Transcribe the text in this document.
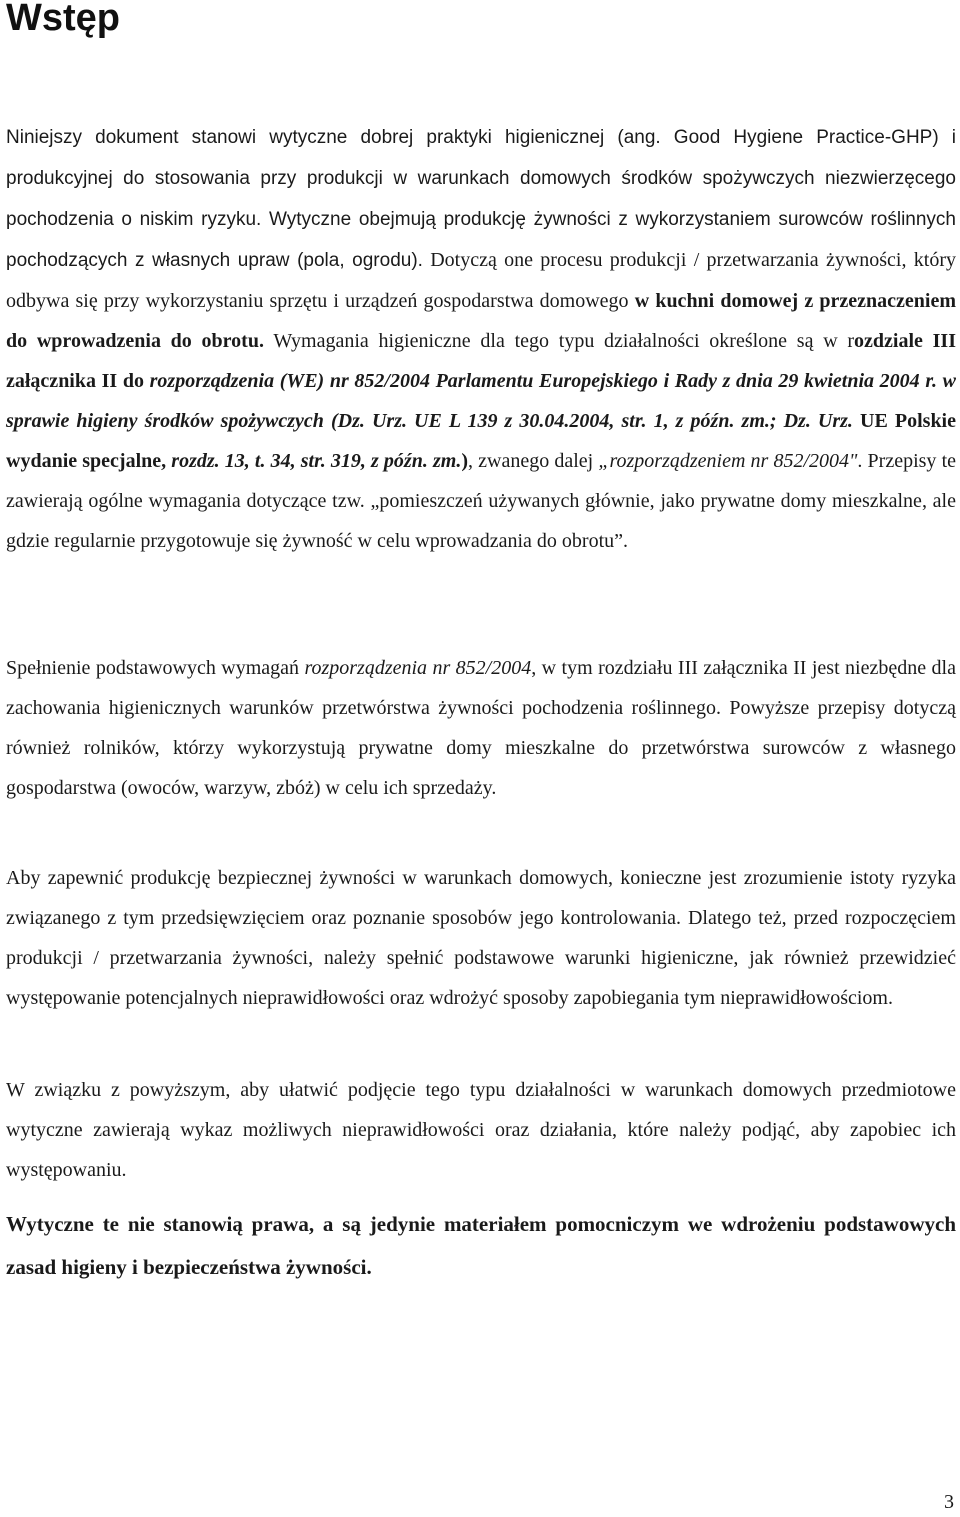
Wstęp

Niniejszy dokument stanowi wytyczne dobrej praktyki higienicznej (ang. Good Hygiene Practice-GHP) i produkcyjnej do stosowania przy produkcji w warunkach domowych środków spożywczych niezwierzęcego pochodzenia o niskim ryzyku. Wytyczne obejmują produkcję żywności z wykorzystaniem surowców roślinnych pochodzących z własnych upraw (pola, ogrodu). Dotyczą one procesu produkcji / przetwarzania żywności, który odbywa się przy wykorzystaniu sprzętu i urządzeń gospodarstwa domowego w kuchni domowej z przeznaczeniem do wprowadzenia do obrotu. Wymagania higieniczne dla tego typu działalności określone są w rozdziale III załącznika II do rozporządzenia (WE) nr 852/2004 Parlamentu Europejskiego i Rady z dnia 29 kwietnia 2004 r. w sprawie higieny środków spożywczych (Dz. Urz. UE L 139 z 30.04.2004, str. 1, z późn. zm.; Dz. Urz. UE Polskie wydanie specjalne, rozdz. 13, t. 34, str. 319, z późn. zm.), zwanego dalej „rozporządzeniem nr 852/2004". Przepisy te zawierają ogólne wymagania dotyczące tzw. „pomieszczeń używanych głównie, jako prywatne domy mieszkalne, ale gdzie regularnie przygotowuje się żywność w celu wprowadzania do obrotu”.

Spełnienie podstawowych wymagań rozporządzenia nr 852/2004, w tym rozdziału III załącznika II jest niezbędne dla zachowania higienicznych warunków przetwórstwa żywności pochodzenia roślinnego. Powyższe przepisy dotyczą również rolników, którzy wykorzystują prywatne domy mieszkalne do przetwórstwa surowców z własnego gospodarstwa (owoców, warzyw, zbóż) w celu ich sprzedaży.

Aby zapewnić produkcję bezpiecznej żywności w warunkach domowych, konieczne jest zrozumienie istoty ryzyka związanego z tym przedsięwzięciem oraz poznanie sposobów jego kontrolowania. Dlatego też, przed rozpoczęciem produkcji / przetwarzania żywności, należy spełnić podstawowe warunki higieniczne, jak również przewidzieć występowanie potencjalnych nieprawidłowości oraz wdrożyć sposoby zapobiegania tym nieprawidłowościom.

W związku z powyższym, aby ułatwić podjęcie tego typu działalności w warunkach domowych przedmiotowe wytyczne zawierają wykaz możliwych nieprawidłowości oraz działania, które należy podjąć, aby zapobiec ich występowaniu.

Wytyczne te nie stanowią prawa, a są jedynie materiałem pomocniczym we wdrożeniu podstawowych zasad higieny i bezpieczeństwa żywności.

3
